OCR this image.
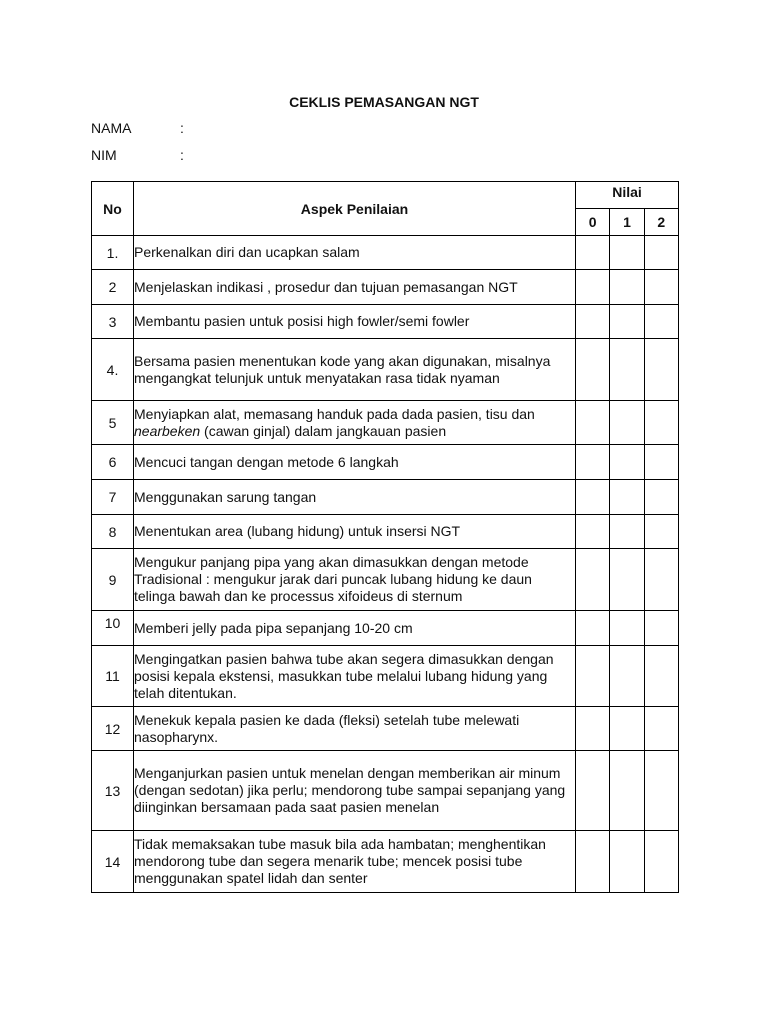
CEKLIS PEMASANGAN NGT
NAMA	:
NIM	:
No	Aspek Penilaian	Nilai		
		0	1	2
1.	Perkenalkan diri dan ucapkan salam			
2	Menjelaskan indikasi , prosedur dan tujuan pemasangan NGT			
3	Membantu pasien untuk posisi high fowler/semi fowler			
4.	Bersama pasien menentukan kode yang akan digunakan, misalnya mengangkat telunjuk untuk menyatakan rasa tidak nyaman			
5	Menyiapkan alat, memasang handuk pada dada pasien, tisu dan nearbeken (cawan ginjal) dalam jangkauan pasien			
6	Mencuci tangan dengan metode 6 langkah			
7	Menggunakan sarung tangan			
8	Menentukan area (lubang hidung) untuk insersi NGT			
9	Mengukur panjang pipa yang akan dimasukkan dengan metode Tradisional : mengukur jarak dari puncak lubang hidung ke daun telinga bawah dan ke processus xifoideus di sternum			
10	Memberi jelly pada pipa sepanjang 10-20 cm			
11	Mengingatkan pasien bahwa tube akan segera dimasukkan dengan posisi kepala ekstensi, masukkan tube melalui lubang hidung yang telah ditentukan.			
12	Menekuk kepala pasien ke dada (fleksi) setelah tube melewati nasopharynx.			
13	Menganjurkan pasien untuk menelan dengan memberikan air minum (dengan sedotan) jika perlu; mendorong tube sampai sepanjang yang diinginkan bersamaan pada saat pasien menelan			
14	Tidak memaksakan tube masuk bila ada hambatan; menghentikan mendorong tube dan segera menarik tube; mencek posisi tube menggunakan spatel lidah dan senter			
